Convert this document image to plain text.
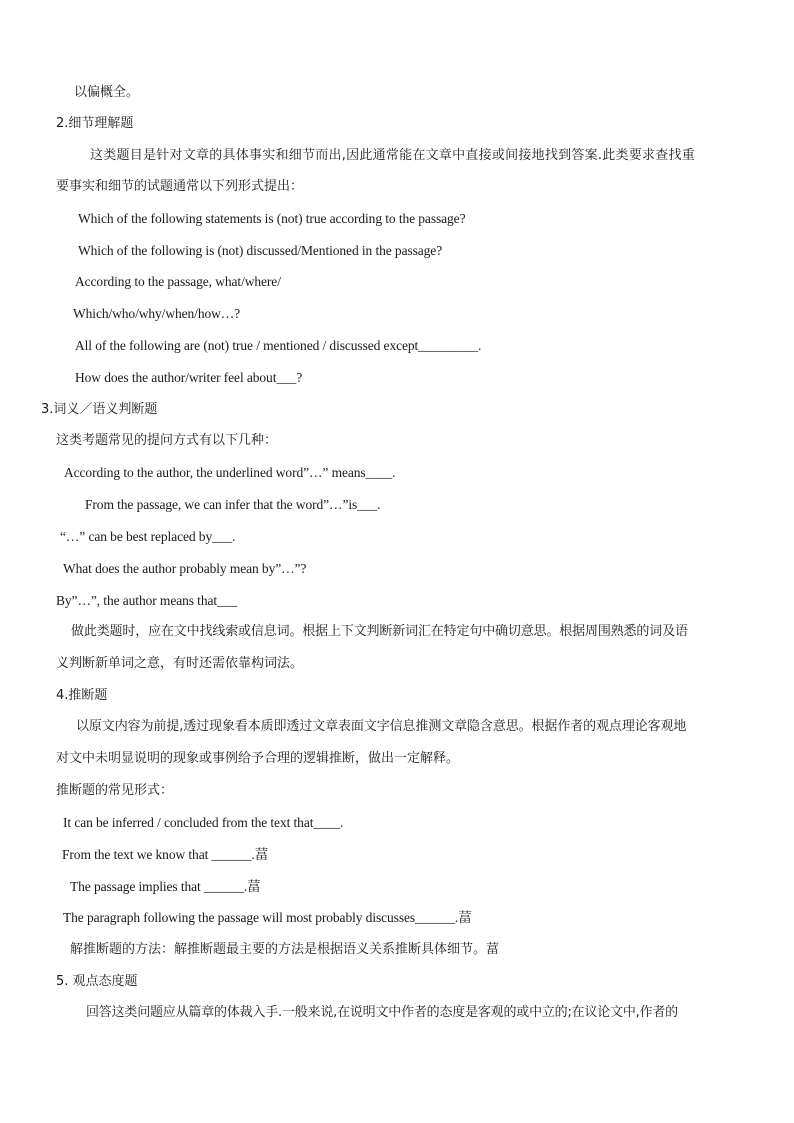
以偏概全。
2.细节理解题
这类题目是针对文章的具体事实和细节而出,因此通常能在文章中直接或间接地找到答案.此类要求查找重
要事实和细节的试题通常以下列形式提出：
Which of the following statements is (not) true according to the passage?
Which of the following is (not) discussed/Mentioned in the passage?
According to the passage, what/where/
Which/who/why/when/how…?
All of the following are (not) true / mentioned / discussed except_________.
How does the author/writer feel about___?
3.词义／语义判断题
这类考题常见的提问方式有以下几种：
According to the author, the underlined word”…” means____.
From the passage, we can infer that the word”…”is___.
“…” can be best replaced by___.
What does the author probably mean by”…”?
By”…”, the author means that___
做此类题时，应在文中找线索或信息词。根据上下文判断新词汇在特定句中确切意思。根据周围熟悉的词及语
义判断新单词之意，有时还需依靠构词法。
4.推断题
以原文内容为前提,透过现象看本质即透过文章表面文字信息推测文章隐含意思。根据作者的观点理论客观地
对文中未明显说明的现象或事例给予合理的逻辑推断，做出一定解释。
推断题的常见形式：
It can be inferred / concluded from the text that____.
From the text we know that ______.葍
The passage implies that ______.葍
The paragraph following the passage will most probably discusses______.葍
解推断题的方法：解推断题最主要的方法是根据语义关系推断具体细节。葍
5. 观点态度题
回答这类问题应从篇章的体裁入手.一般来说,在说明文中作者的态度是客观的或中立的;在议论文中,作者的
